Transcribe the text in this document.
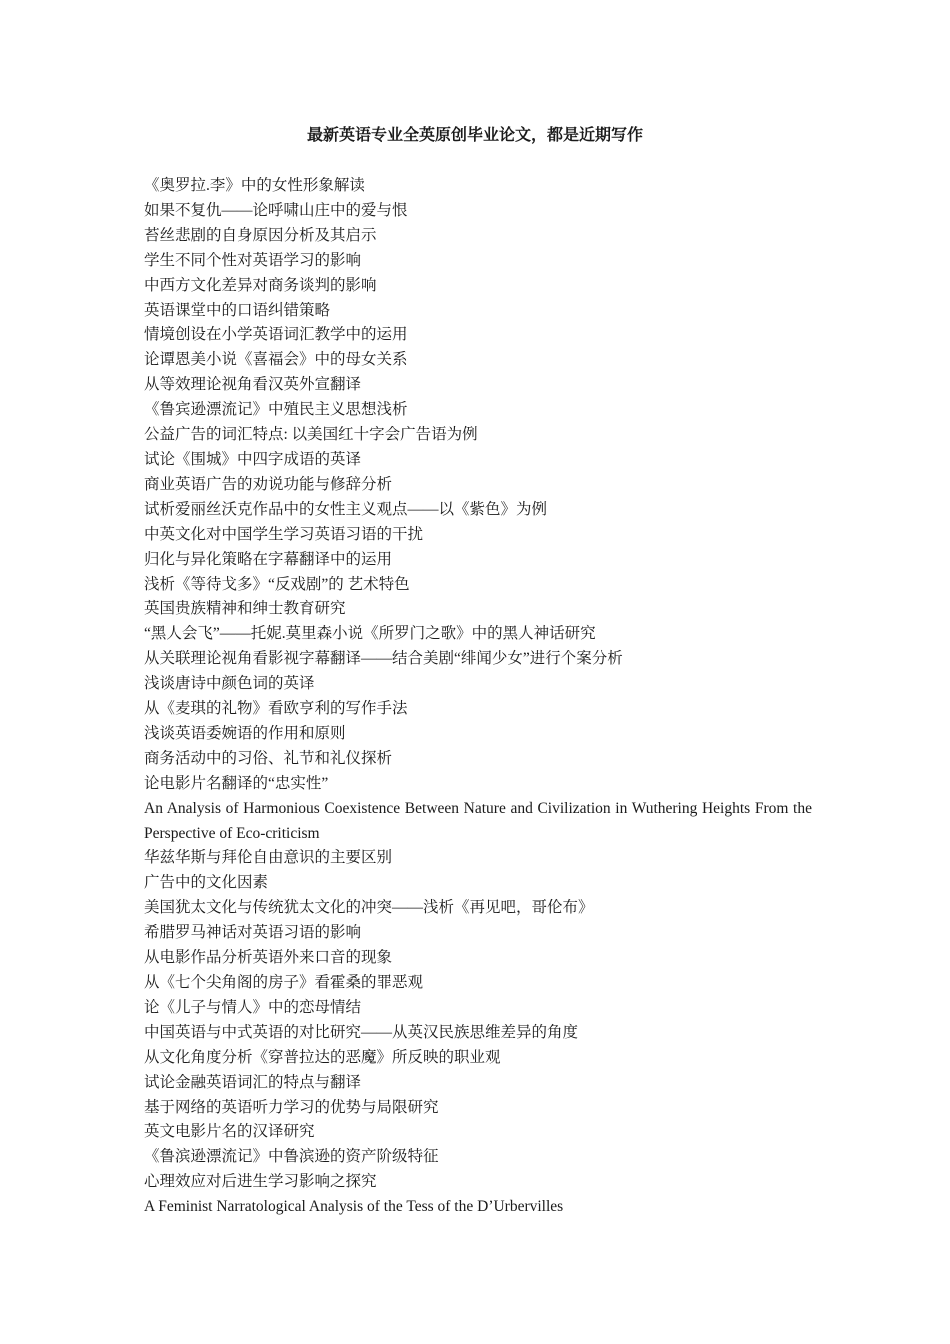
最新英语专业全英原创毕业论文，都是近期写作
《奥罗拉.李》中的女性形象解读
如果不复仇——论呼啸山庄中的爱与恨
苔丝悲剧的自身原因分析及其启示
学生不同个性对英语学习的影响
中西方文化差异对商务谈判的影响
英语课堂中的口语纠错策略
情境创设在小学英语词汇教学中的运用
论谭恩美小说《喜福会》中的母女关系
从等效理论视角看汉英外宣翻译
《鲁宾逊漂流记》中殖民主义思想浅析
公益广告的词汇特点: 以美国红十字会广告语为例
试论《围城》中四字成语的英译
商业英语广告的劝说功能与修辞分析
试析爱丽丝沃克作品中的女性主义观点——以《紫色》为例
中英文化对中国学生学习英语习语的干扰
归化与异化策略在字幕翻译中的运用
浅析《等待戈多》“反戏剧”的 艺术特色
英国贵族精神和绅士教育研究
“黑人会飞”——托妮.莫里森小说《所罗门之歌》中的黑人神话研究
从关联理论视角看影视字幕翻译——结合美剧“绯闻少女”进行个案分析
浅谈唐诗中颜色词的英译
从《麦琪的礼物》看欧亨利的写作手法
浅谈英语委婉语的作用和原则
商务活动中的习俗、礼节和礼仪探析
论电影片名翻译的“忠实性”
An Analysis of Harmonious Coexistence Between Nature and Civilization in Wuthering Heights From the Perspective of Eco-criticism
华兹华斯与拜伦自由意识的主要区别
广告中的文化因素
美国犹太文化与传统犹太文化的冲突——浅析《再见吧，哥伦布》
希腊罗马神话对英语习语的影响
从电影作品分析英语外来口音的现象
从《七个尖角阁的房子》看霍桑的罪恶观
论《儿子与情人》中的恋母情结
中国英语与中式英语的对比研究——从英汉民族思维差异的角度
从文化角度分析《穿普拉达的恶魔》所反映的职业观
试论金融英语词汇的特点与翻译
基于网络的英语听力学习的优势与局限研究
英文电影片名的汉译研究
《鲁滨逊漂流记》中鲁滨逊的资产阶级特征
心理效应对后进生学习影响之探究
A Feminist Narratological Analysis of the Tess of the D’Urbervilles
